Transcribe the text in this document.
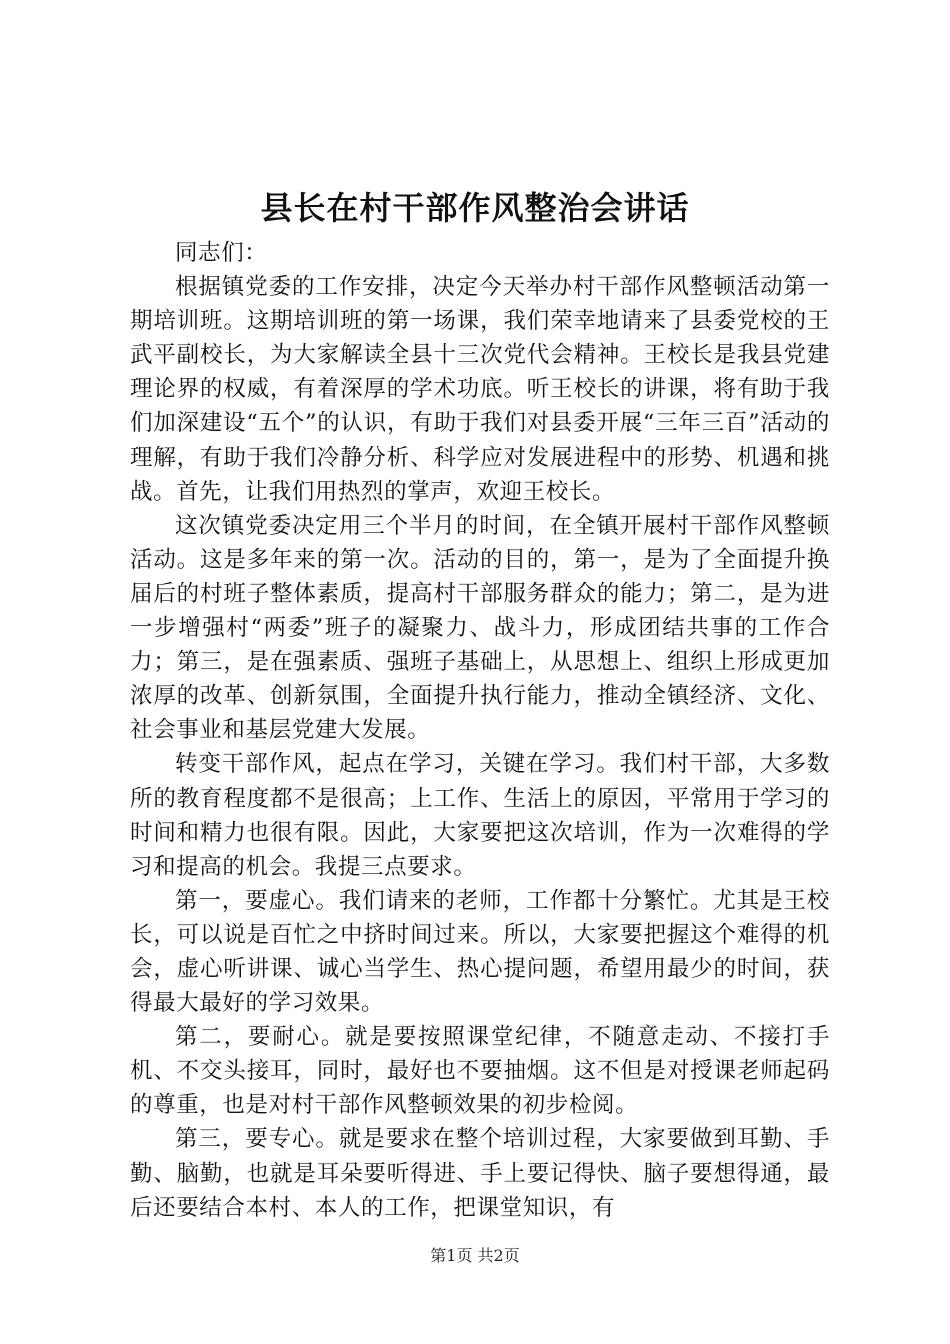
县长在村干部作风整治会讲话

同志们：

根据镇党委的工作安排，决定今天举办村干部作风整顿活动第一期培训班。这期培训班的第一场课，我们荣幸地请来了县委党校的王武平副校长，为大家解读全县十三次党代会精神。王校长是我县党建理论界的权威，有着深厚的学术功底。听王校长的讲课，将有助于我们加深建设“五个”的认识，有助于我们对县委开展“三年三百”活动的理解，有助于我们冷静分析、科学应对发展进程中的形势、机遇和挑战。首先，让我们用热烈的掌声，欢迎王校长。

这次镇党委决定用三个半月的时间，在全镇开展村干部作风整顿活动。这是多年来的第一次。活动的目的，第一，是为了全面提升换届后的村班子整体素质，提高村干部服务群众的能力；第二，是为进一步增强村“两委”班子的凝聚力、战斗力，形成团结共事的工作合力；第三，是在强素质、强班子基础上，从思想上、组织上形成更加浓厚的改革、创新氛围，全面提升执行能力，推动全镇经济、文化、社会事业和基层党建大发展。

转变干部作风，起点在学习，关键在学习。我们村干部，大多数所的教育程度都不是很高；上工作、生活上的原因，平常用于学习的时间和精力也很有限。因此，大家要把这次培训，作为一次难得的学习和提高的机会。我提三点要求。

第一，要虚心。我们请来的老师，工作都十分繁忙。尤其是王校长，可以说是百忙之中挤时间过来。所以，大家要把握这个难得的机会，虚心听讲课、诚心当学生、热心提问题，希望用最少的时间，获得最大最好的学习效果。

第二，要耐心。就是要按照课堂纪律，不随意走动、不接打手机、不交头接耳，同时，最好也不要抽烟。这不但是对授课老师起码的尊重，也是对村干部作风整顿效果的初步检阅。

第三，要专心。就是要求在整个培训过程，大家要做到耳勤、手勤、脑勤，也就是耳朵要听得进、手上要记得快、脑子要想得通，最后还要结合本村、本人的工作，把课堂知识，有

第1页 共2页
